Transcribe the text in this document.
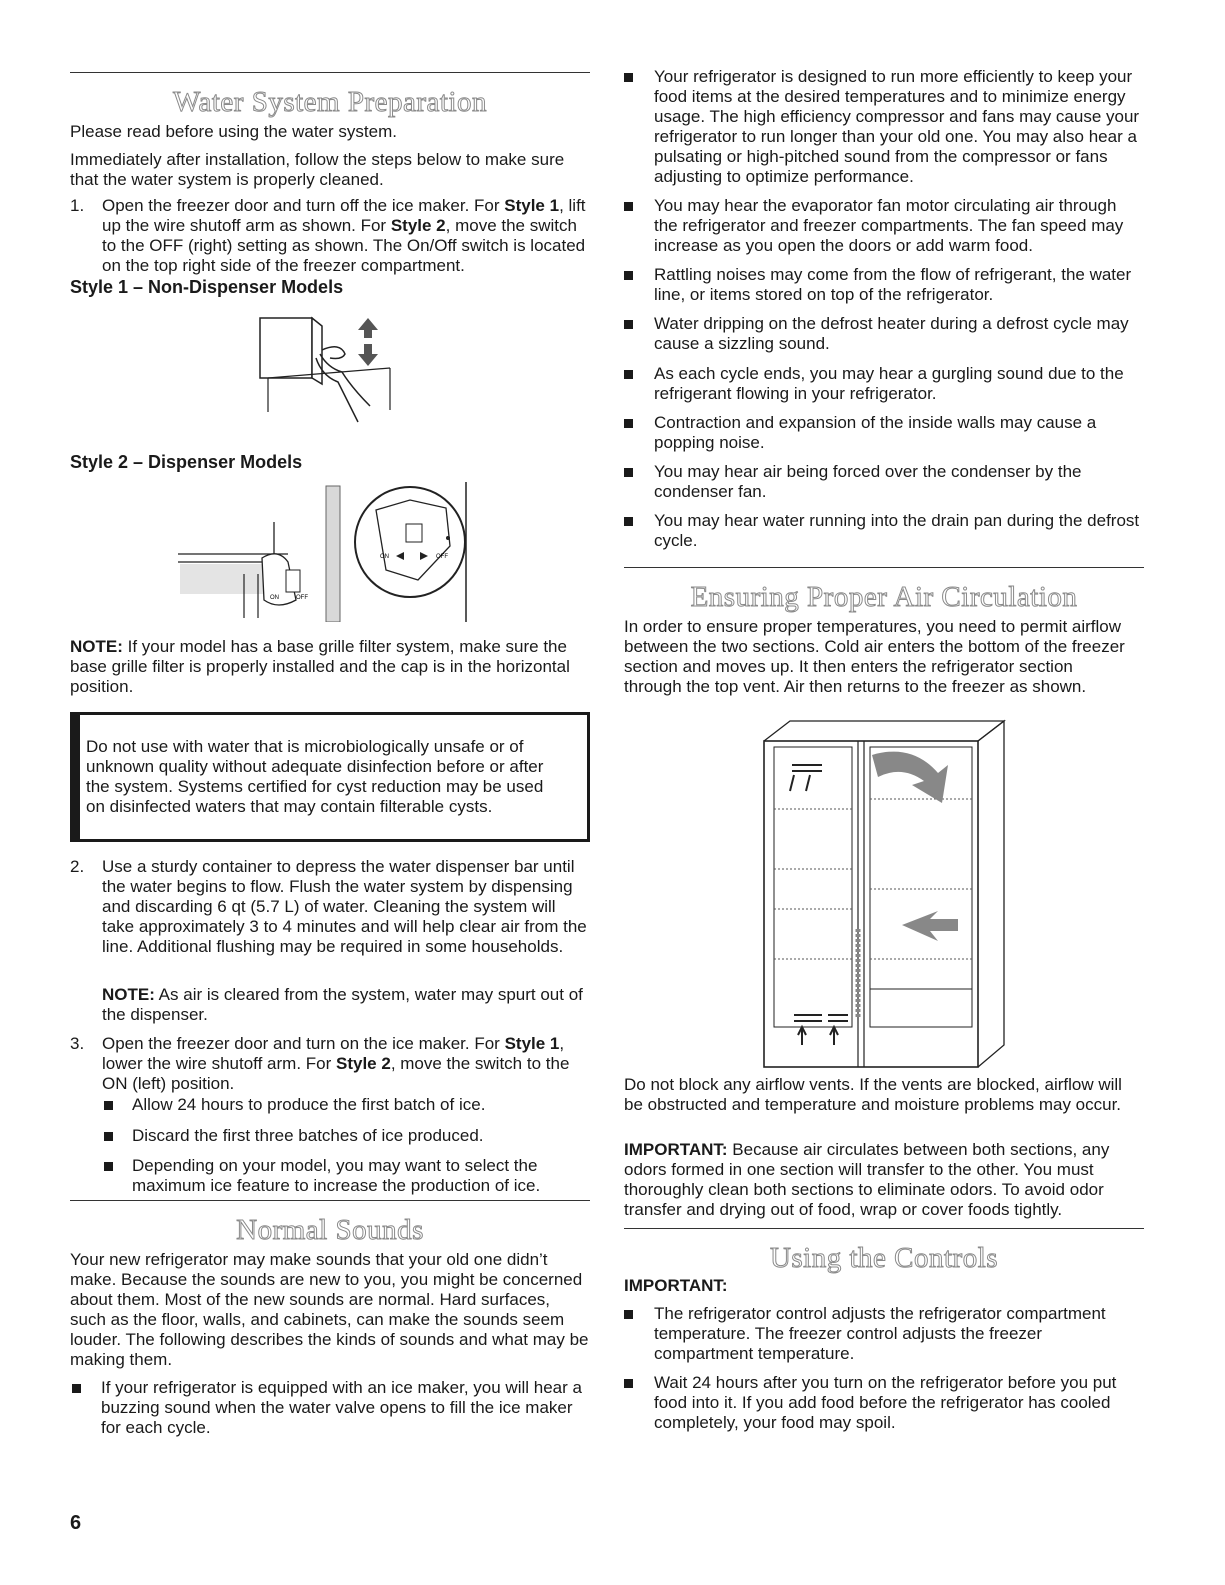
Water System Preparation

Please read before using the water system.

Immediately after installation, follow the steps below to make sure that the water system is properly cleaned.

1. Open the freezer door and turn off the ice maker. For Style 1, lift up the wire shutoff arm as shown. For Style 2, move the switch to the OFF (right) setting as shown. The On/Off switch is located on the top right side of the freezer compartment.

Style 1 – Non-Dispenser Models
Style 2 – Dispenser Models
ON	OFF
ON	OFF

NOTE: If your model has a base grille filter system, make sure the base grille filter is properly installed and the cap is in the horizontal position.

Do not use with water that is microbiologically unsafe or of unknown quality without adequate disinfection before or after the system. Systems certified for cyst reduction may be used on disinfected waters that may contain filterable cysts.

2. Use a sturdy container to depress the water dispenser bar until the water begins to flow. Flush the water system by dispensing and discarding 6 qt (5.7 L) of water. Cleaning the system will take approximately 3 to 4 minutes and will help clear air from the line. Additional flushing may be required in some households.

NOTE: As air is cleared from the system, water may spurt out of the dispenser.

3. Open the freezer door and turn on the ice maker. For Style 1, lower the wire shutoff arm. For Style 2, move the switch to the ON (left) position.

Allow 24 hours to produce the first batch of ice.

Discard the first three batches of ice produced.

Depending on your model, you may want to select the maximum ice feature to increase the production of ice.

Normal Sounds

Your new refrigerator may make sounds that your old one didn’t make. Because the sounds are new to you, you might be concerned about them. Most of the new sounds are normal. Hard surfaces, such as the floor, walls, and cabinets, can make the sounds seem louder. The following describes the kinds of sounds and what may be making them.

If your refrigerator is equipped with an ice maker, you will hear a buzzing sound when the water valve opens to fill the ice maker for each cycle.

6

Your refrigerator is designed to run more efficiently to keep your food items at the desired temperatures and to minimize energy usage. The high efficiency compressor and fans may cause your refrigerator to run longer than your old one. You may also hear a pulsating or high-pitched sound from the compressor or fans adjusting to optimize performance.

You may hear the evaporator fan motor circulating air through the refrigerator and freezer compartments. The fan speed may increase as you open the doors or add warm food.

Rattling noises may come from the flow of refrigerant, the water line, or items stored on top of the refrigerator.

Water dripping on the defrost heater during a defrost cycle may cause a sizzling sound.

As each cycle ends, you may hear a gurgling sound due to the refrigerant flowing in your refrigerator.

Contraction and expansion of the inside walls may cause a popping noise.

You may hear air being forced over the condenser by the condenser fan.

You may hear water running into the drain pan during the defrost cycle.

Ensuring Proper Air Circulation

In order to ensure proper temperatures, you need to permit airflow between the two sections. Cold air enters the bottom of the freezer section and moves up. It then enters the refrigerator section through the top vent. Air then returns to the freezer as shown.

Do not block any airflow vents. If the vents are blocked, airflow will be obstructed and temperature and moisture problems may occur.

IMPORTANT: Because air circulates between both sections, any odors formed in one section will transfer to the other. You must thoroughly clean both sections to eliminate odors. To avoid odor transfer and drying out of food, wrap or cover foods tightly.

Using the Controls
IMPORTANT:

The refrigerator control adjusts the refrigerator compartment temperature. The freezer control adjusts the freezer compartment temperature.

Wait 24 hours after you turn on the refrigerator before you put food into it. If you add food before the refrigerator has cooled completely, your food may spoil.
